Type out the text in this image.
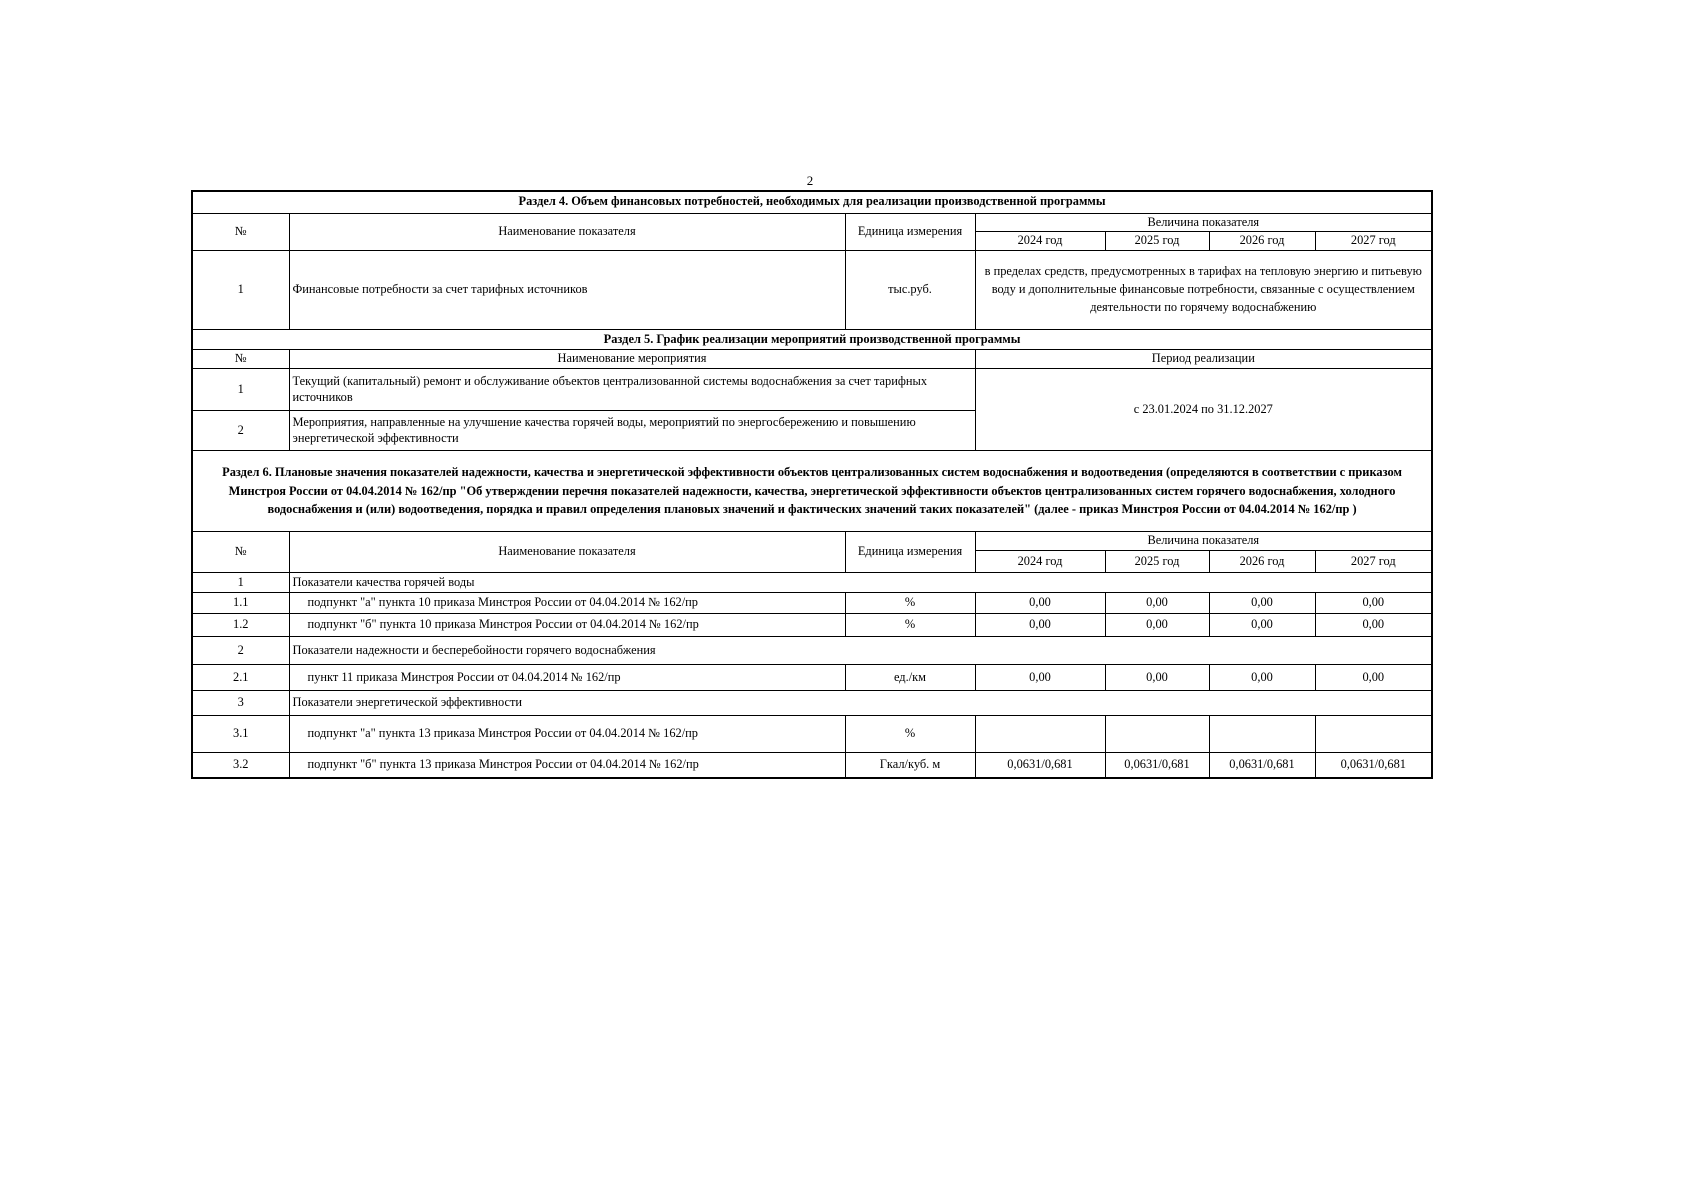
2
Раздел 4. Объем финансовых потребностей, необходимых для реализации производственной программы						
№	Наименование показателя	Единица измерения	Величина показателя			
			2024 год	2025 год	2026 год	2027 год
1	Финансовые потребности за счет тарифных источников	тыс.руб.	в пределах средств, предусмотренных в тарифах на тепловую энергию и питьевую воду и дополнительные финансовые потребности, связанные с осуществлением деятельности по горячему водоснабжению			
Раздел 5. График реализации мероприятий производственной программы						
№	Наименование мероприятия		Период реализации			
1	Текущий (капитальный) ремонт и обслуживание объектов централизованной системы водоснабжения за счет тарифных источников		с 23.01.2024 по 31.12.2027			
2	Мероприятия, направленные на улучшение качества горячей воды, мероприятий по энергосбережению и повышению энергетической эффективности					
Раздел 6. Плановые значения показателей надежности, качества и энергетической эффективности объектов централизованных систем водоснабжения и водоотведения (определяются в соответствии с приказом Минстроя России от 04.04.2014 № 162/пр "Об утверждении перечня показателей надежности, качества, энергетической эффективности объектов централизованных систем горячего водоснабжения, холодного водоснабжения и (или) водоотведения, порядка и правил определения плановых значений и фактических значений таких показателей" (далее - приказ Минстроя России от 04.04.2014 № 162/пр )						
№	Наименование показателя	Единица измерения	Величина показателя			
			2024 год	2025 год	2026 год	2027 год
1	Показатели качества горячей воды					
1.1	подпункт "а" пункта 10 приказа Минстроя России от 04.04.2014 № 162/пр	%	0,00	0,00	0,00	0,00
1.2	подпункт "б" пункта 10 приказа Минстроя России от 04.04.2014 № 162/пр	%	0,00	0,00	0,00	0,00
2	Показатели надежности и бесперебойности горячего водоснабжения					
2.1	пункт 11 приказа Минстроя России от 04.04.2014 № 162/пр	ед./км	0,00	0,00	0,00	0,00
3	Показатели энергетической эффективности					
3.1	подпункт "а" пункта 13 приказа Минстроя России от 04.04.2014 № 162/пр	%				
3.2	подпункт "б" пункта 13 приказа Минстроя России от 04.04.2014 № 162/пр	Гкал/куб. м	0,0631/0,681	0,0631/0,681	0,0631/0,681	0,0631/0,681
